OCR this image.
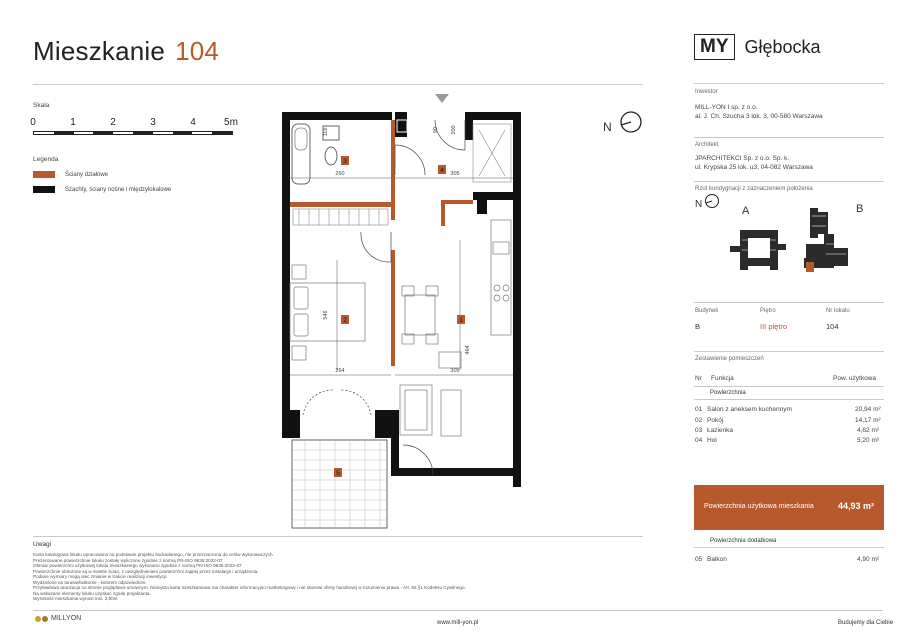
Mieszkanie 104	MY Głębocka
Skala
0	1	2	3	4	5m
Legenda
Ściany działowe
Szachty, ściany nośne i międzylokalowe
3
4
2	1
5
260	305
546
264	305
464
116	90 200	N
Inwestor
MILL-YON I sp. z o.o.
al. J. Ch. Szucha 3 lok. 3, 00-580 Warszawa
Architekt
JPARCHITEKCI Sp. z o.o. Sp. k.
ul. Krypska 25 lok. u3, 04-082 Warszawa
Rzut kondygnacji z zaznaczeniem położenia
N
A	B
Budynek	Piętro	Nr lokalu
B	III piętro	104
Zestawienie pomieszczeń
Nr Funkcja	Pow. użytkowa
Powierzchnia
01 Salon z aneksem kuchennym	20,94 m²
02 Pokój	14,17 m²
03 Łazienka	4,62 m²
04 Hol	5,20 m²
Powierzchnia użytkowa mieszkania	44,93 m²
Powierzchnia dodatkowa
05 Balkon	4,90 m²
Uwagi
Karta katalogowa lokalu opracowana na podstawie projektu budowlanego, nie przeznaczona do celów wykonawczych.
Prezentowane powierzchnie lokalu zostały wyliczone zgodnie z normą PN-ISO 9836:2022-07
Obmiar powierzchni użytkowej lokalu mieszkalnego wykonano zgodnie z normą PN-ISO 9836:2022-07
Powierzchnie obliczone są w świetle ścian, z uwzględnieniem powierzchni zajętej przez instalacje i urządzenia.
Podane wymiary mogą ulec zmianie w trakcie realizacji inwestycji.
Wydzielone na tarasie/balkonie - kolorem odpowiednim.
Przykładowa aranżacja na stronie poglądowo-umownym. Niniejsza karta mieszkaniowa ma charakter informacyjno-marketingowy i nie stanowi oferty handlowej w rozumieniu prawa - Art. 66 §1 Kodeksu Cywilnego.
Na wskazane elementy lokalu uzyskać zgodę projektanta.
Wysokość mieszkania wynosi min. 2,60m
MILLYON
www.mill-yon.pl	Budujemy dla Ciebie
